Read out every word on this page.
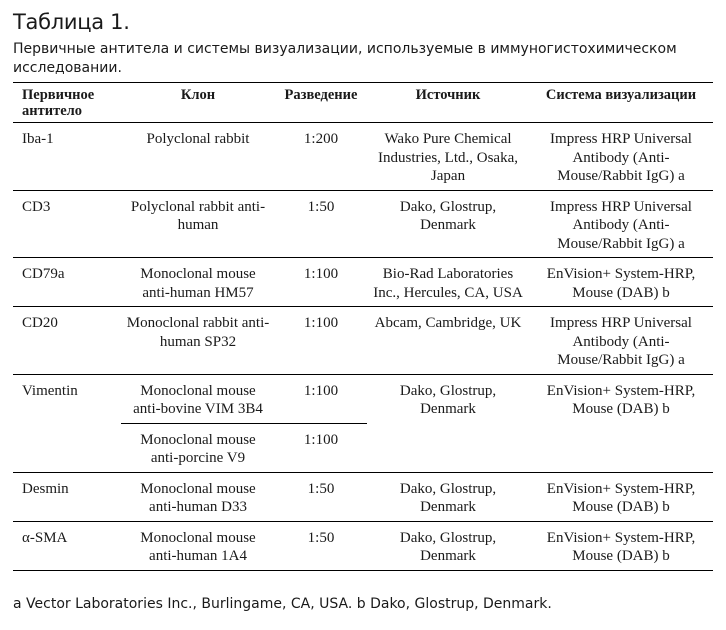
Таблица 1.
Первичные антитела и системы визуализации, используемые в иммуногистохимическом исследовании.
Первичное антитело	Клон	Разведение	Источник	Система визуализации
Iba-1	Polyclonal rabbit	1:200	Wako Pure Chemical Industries, Ltd., Osaka, Japan	Impress HRP Universal Antibody (Anti-Mouse/Rabbit IgG) a
CD3	Polyclonal rabbit anti-human	1:50	Dako, Glostrup, Denmark	Impress HRP Universal Antibody (Anti-Mouse/Rabbit IgG) a
CD79a	Monoclonal mouse anti-human HM57	1:100	Bio-Rad Laboratories Inc., Hercules, CA, USA	EnVision+ System-HRP, Mouse (DAB) b
CD20	Monoclonal rabbit anti-human SP32	1:100	Abcam, Cambridge, UK	Impress HRP Universal Antibody (Anti-Mouse/Rabbit IgG) a
Vimentin	Monoclonal mouse anti-bovine VIM 3B4	1:100	Dako, Glostrup, Denmark	EnVision+ System-HRP, Mouse (DAB) b
	Monoclonal mouse anti-porcine V9	1:100		
Desmin	Monoclonal mouse anti-human D33	1:50	Dako, Glostrup, Denmark	EnVision+ System-HRP, Mouse (DAB) b
α-SMA	Monoclonal mouse anti-human 1A4	1:50	Dako, Glostrup, Denmark	EnVision+ System-HRP, Mouse (DAB) b
a Vector Laboratories Inc., Burlingame, CA, USA. b Dako, Glostrup, Denmark.
